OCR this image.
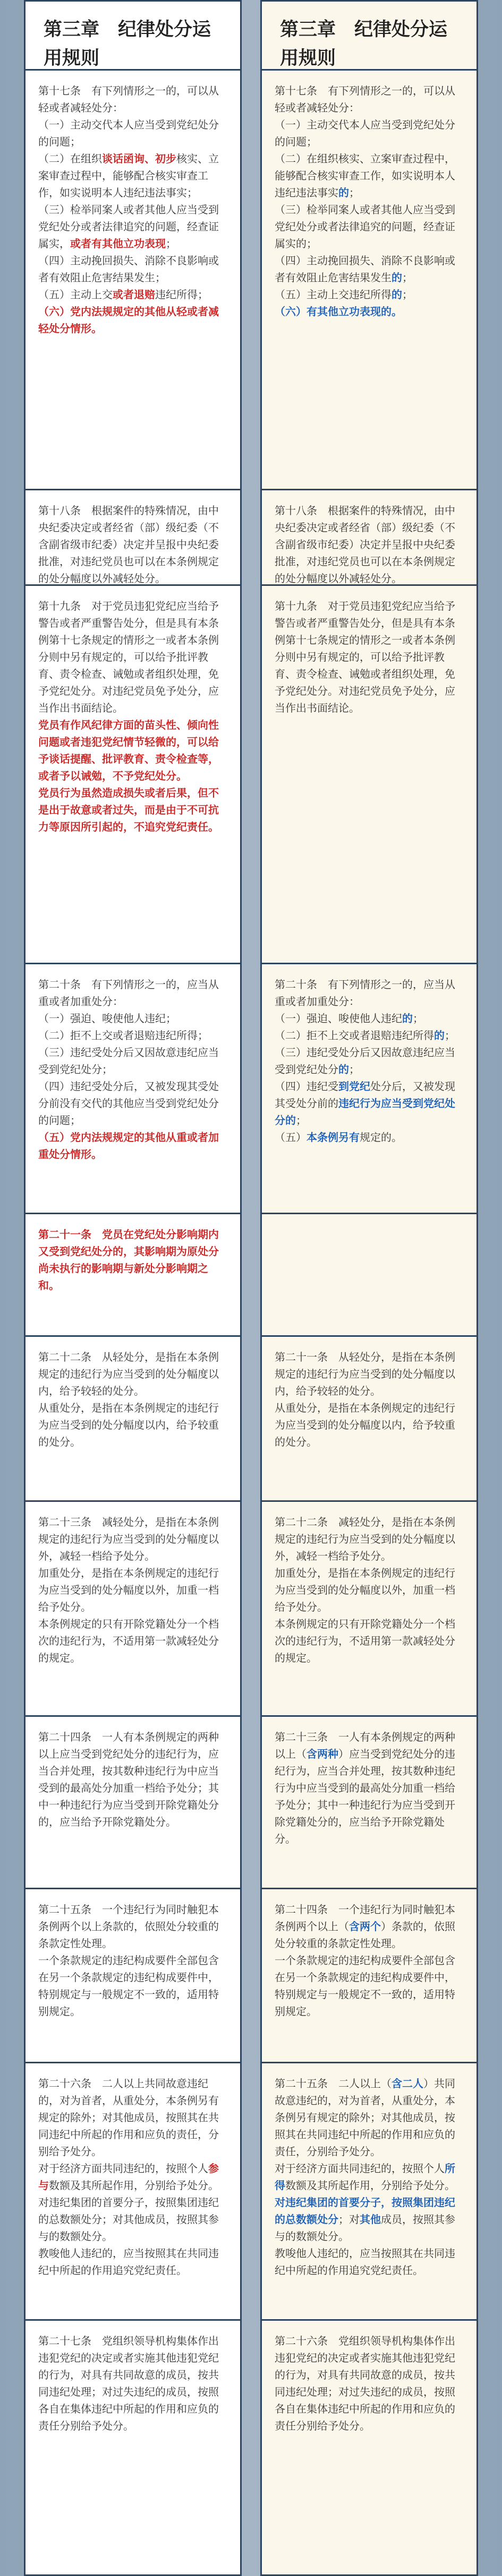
第三章　纪律处分运用规则

第十七条　有下列情形之一的，可以从轻或者减轻处分：

（一）主动交代本人应当受到党纪处分的问题；

（二）在组织谈话函询、初步核实、立案审查过程中，能够配合核实审查工作，如实说明本人违纪违法事实；

（三）检举同案人或者其他人应当受到党纪处分或者法律追究的问题，经查证属实，或者有其他立功表现；

（四）主动挽回损失、消除不良影响或者有效阻止危害结果发生；

（五）主动上交或者退赔违纪所得；

（六）党内法规规定的其他从轻或者减轻处分情形。

第十八条　根据案件的特殊情况，由中央纪委决定或者经省（部）级纪委（不含副省级市纪委）决定并呈报中央纪委批准，对违纪党员也可以在本条例规定的处分幅度以外减轻处分。

第十九条　对于党员违犯党纪应当给予警告或者严重警告处分，但是具有本条例第十七条规定的情形之一或者本条例分则中另有规定的，可以给予批评教育、责令检查、诫勉或者组织处理，免予党纪处分。对违纪党员免予处分，应当作出书面结论。

党员有作风纪律方面的苗头性、倾向性问题或者违犯党纪情节轻微的，可以给予谈话提醒、批评教育、责令检查等，或者予以诫勉，不予党纪处分。

党员行为虽然造成损失或者后果，但不是出于故意或者过失，而是由于不可抗力等原因所引起的，不追究党纪责任。

第二十条　有下列情形之一的，应当从重或者加重处分：

（一）强迫、唆使他人违纪；

（二）拒不上交或者退赔违纪所得；

（三）违纪受处分后又因故意违纪应当受到党纪处分；

（四）违纪受处分后，又被发现其受处分前没有交代的其他应当受到党纪处分的问题；

（五）党内法规规定的其他从重或者加重处分情形。

第二十一条　党员在党纪处分影响期内又受到党纪处分的，其影响期为原处分尚未执行的影响期与新处分影响期之和。

第二十二条　从轻处分，是指在本条例规定的违纪行为应当受到的处分幅度以内，给予较轻的处分。

从重处分，是指在本条例规定的违纪行为应当受到的处分幅度以内，给予较重的处分。

第二十三条　减轻处分，是指在本条例规定的违纪行为应当受到的处分幅度以外，减轻一档给予处分。

加重处分，是指在本条例规定的违纪行为应当受到的处分幅度以外，加重一档给予处分。

本条例规定的只有开除党籍处分一个档次的违纪行为，不适用第一款减轻处分的规定。

第二十四条　一人有本条例规定的两种以上应当受到党纪处分的违纪行为，应当合并处理，按其数种违纪行为中应当受到的最高处分加重一档给予处分；其中一种违纪行为应当受到开除党籍处分的，应当给予开除党籍处分。

第二十五条　一个违纪行为同时触犯本条例两个以上条款的，依照处分较重的条款定性处理。

一个条款规定的违纪构成要件全部包含在另一个条款规定的违纪构成要件中，特别规定与一般规定不一致的，适用特别规定。

第二十六条　二人以上共同故意违纪的，对为首者，从重处分，本条例另有规定的除外；对其他成员，按照其在共同违纪中所起的作用和应负的责任，分别给予处分。

对于经济方面共同违纪的，按照个人参与数额及其所起作用，分别给予处分。对违纪集团的首要分子，按照集团违纪的总数额处分；对其他成员，按照其参与的数额处分。

教唆他人违纪的，应当按照其在共同违纪中所起的作用追究党纪责任。

第二十七条　党组织领导机构集体作出违犯党纪的决定或者实施其他违犯党纪的行为，对具有共同故意的成员，按共同违纪处理；对过失违纪的成员，按照各自在集体违纪中所起的作用和应负的责任分别给予处分。

第三章　纪律处分运用规则

第十七条　有下列情形之一的，可以从轻或者减轻处分：

（一）主动交代本人应当受到党纪处分的问题；

（二）在组织核实、立案审查过程中，能够配合核实审查工作，如实说明本人违纪违法事实的；

（三）检举同案人或者其他人应当受到党纪处分或者法律追究的问题，经查证属实的；

（四）主动挽回损失、消除不良影响或者有效阻止危害结果发生的；

（五）主动上交违纪所得的；

（六）有其他立功表现的。

第十八条　根据案件的特殊情况，由中央纪委决定或者经省（部）级纪委（不含副省级市纪委）决定并呈报中央纪委批准，对违纪党员也可以在本条例规定的处分幅度以外减轻处分。

第十九条　对于党员违犯党纪应当给予警告或者严重警告处分，但是具有本条例第十七条规定的情形之一或者本条例分则中另有规定的，可以给予批评教育、责令检查、诫勉或者组织处理，免予党纪处分。对违纪党员免予处分，应当作出书面结论。

第二十条　有下列情形之一的，应当从重或者加重处分：

（一）强迫、唆使他人违纪的；

（二）拒不上交或者退赔违纪所得的；

（三）违纪受处分后又因故意违纪应当受到党纪处分的；

（四）违纪受到党纪处分后，又被发现其受处分前的违纪行为应当受到党纪处分的；

（五）本条例另有规定的。

第二十一条　从轻处分，是指在本条例规定的违纪行为应当受到的处分幅度以内，给予较轻的处分。

从重处分，是指在本条例规定的违纪行为应当受到的处分幅度以内，给予较重的处分。

第二十二条　减轻处分，是指在本条例规定的违纪行为应当受到的处分幅度以外，减轻一档给予处分。

加重处分，是指在本条例规定的违纪行为应当受到的处分幅度以外，加重一档给予处分。

本条例规定的只有开除党籍处分一个档次的违纪行为，不适用第一款减轻处分的规定。

第二十三条　一人有本条例规定的两种以上（含两种）应当受到党纪处分的违纪行为，应当合并处理，按其数种违纪行为中应当受到的最高处分加重一档给予处分；其中一种违纪行为应当受到开除党籍处分的，应当给予开除党籍处分。

第二十四条　一个违纪行为同时触犯本条例两个以上（含两个）条款的，依照处分较重的条款定性处理。

一个条款规定的违纪构成要件全部包含在另一个条款规定的违纪构成要件中，特别规定与一般规定不一致的，适用特别规定。

第二十五条　二人以上（含二人）共同故意违纪的，对为首者，从重处分，本条例另有规定的除外；对其他成员，按照其在共同违纪中所起的作用和应负的责任，分别给予处分。

对于经济方面共同违纪的，按照个人所得数额及其所起作用，分别给予处分。对违纪集团的首要分子，按照集团违纪的总数额处分；对其他成员，按照其参与的数额处分。

教唆他人违纪的，应当按照其在共同违纪中所起的作用追究党纪责任。

第二十六条　党组织领导机构集体作出违犯党纪的决定或者实施其他违犯党纪的行为，对具有共同故意的成员，按共同违纪处理；对过失违纪的成员，按照各自在集体违纪中所起的作用和应负的责任分别给予处分。
